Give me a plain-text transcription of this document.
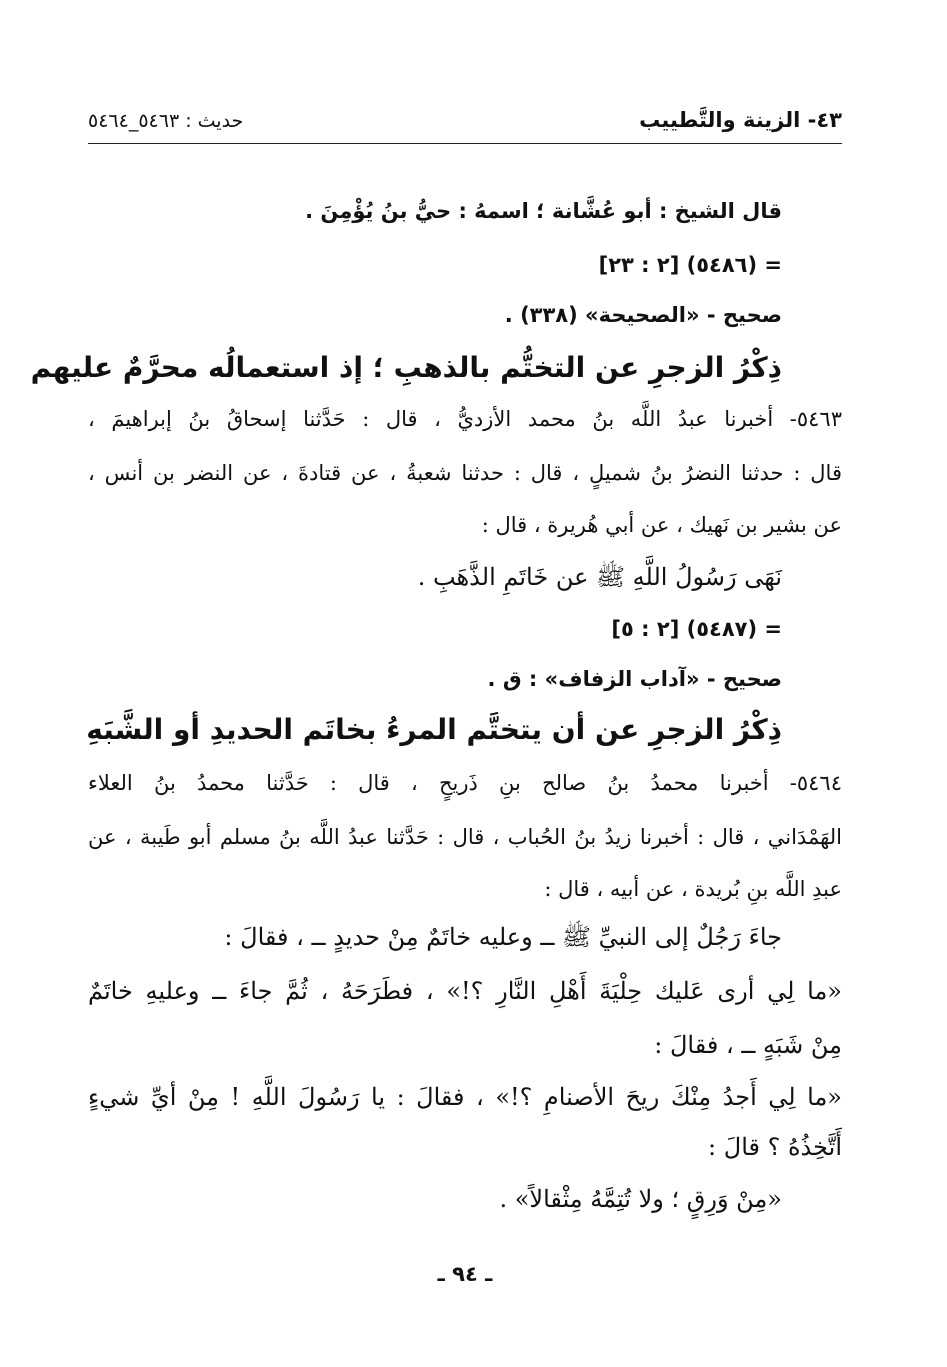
٤٣- الزينة والتَّطييب
حديث : ٥٤٦٣_٥٤٦٤
قال الشيخ : أبو عُشَّانة ؛ اسمهُ : حيُّ بنُ يُؤْمِنَ .
= (٥٤٨٦) [٢ : ٢٣]
صحيح - «الصحيحة» (٣٣٨) .
ذِكْرُ الزجرِ عن التختُّم بالذهبِ ؛ إذ استعمالُه محرَّمٌ عليهم
٥٤٦٣- أخبرنا عبدُ اللَّه بنُ محمد الأزديُّ ، قال : حَدَّثنا إسحاقُ بنُ إبراهيمَ ،
قال : حدثنا النضرُ بنُ شميلٍ ، قال : حدثنا شعبةُ ، عن قتادةَ ، عن النضر بن أنس ،
عن بشير بن نَهيك ، عن أبي هُريرة ، قال :
نَهَى رَسُولُ اللَّهِ ﷺ عن خَاتَمِ الذَّهَبِ .
= (٥٤٨٧) [٢ : ٥]
صحيح - «آداب الزفاف» : ق .
ذِكْرُ الزجرِ عن أن يتختَّم المرءُ بخاتَم الحديدِ أو الشَّبَهِ
٥٤٦٤- أخبرنا محمدُ بنُ صالح بنِ ذَريحٍ ، قال : حَدَّثنا محمدُ بنُ العلاء
الهَمْدَاني ، قال : أخبرنا زيدُ بنُ الحُباب ، قال : حَدَّثنا عبدُ اللَّه بنُ مسلم أبو طَيبة ، عن
عبدِ اللَّه بنِ بُريدة ، عن أبيه ، قال :
جاءَ رَجُلٌ إلى النبيِّ ﷺ ــ وعليه خاتَمٌ مِنْ حديدٍ ــ ، فقالَ :
«ما لِي أرى عَليك حِلْيَةَ أَهْلِ النَّارِ ؟!» ، فطَرَحَهُ ، ثُمَّ جاءَ ــ وعليهِ خاتَمٌ
مِنْ شَبَهٍ ــ ، فقالَ :
«ما لِي أَجدُ مِنْكَ ريحَ الأصنامِ ؟!» ، فقالَ : يا رَسُولَ اللَّهِ ! مِنْ أيِّ شيءٍ
أَتَّخِذُهُ ؟ قالَ :
«مِنْ وَرِقٍ ؛ ولا تُتِمَّهُ مِثْقالاً» .
ـ ٩٤ ـ
